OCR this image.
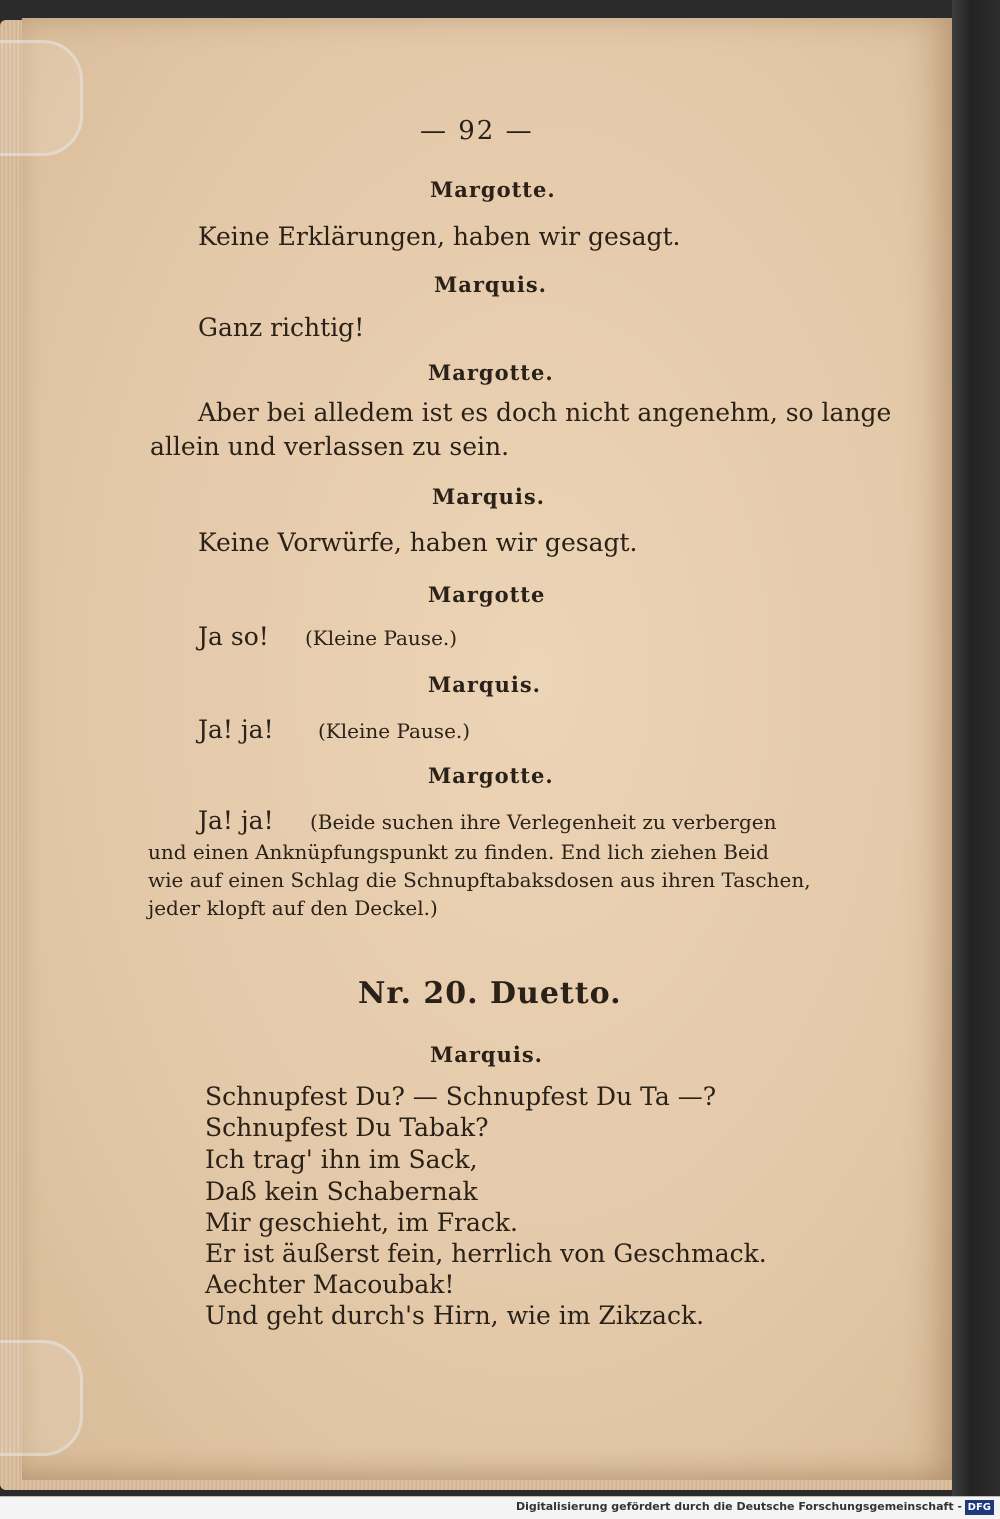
— 92 —
Margotte.
Keine Erklärungen, haben wir gesagt.
Marquis.
Ganz richtig!
Margotte.
Aber bei alledem ist es doch nicht angenehm, so lange
allein und verlassen zu sein.
Marquis.
Keine Vorwürfe, haben wir gesagt.
Margotte
Ja so! (Kleine Pause.)
Marquis.
Ja! ja! (Kleine Pause.)
Margotte.
Ja! ja! (Beide suchen ihre Verlegenheit zu verbergen
und einen Anknüpfungspunkt zu finden. End lich ziehen Beid
wie auf einen Schlag die Schnupftabaksdosen aus ihren Taschen,
jeder klopft auf den Deckel.)
Nr. 20. Duetto.
Marquis.
Schnupfest Du? — Schnupfest Du Ta —?
Schnupfest Du Tabak?
Ich trag' ihn im Sack,
Daß kein Schabernak
Mir geschieht, im Frack.
Er ist äußerst fein, herrlich von Geschmack.
Aechter Macoubak!
Und geht durch's Hirn, wie im Zikzack.
Digitalisierung gefördert durch die Deutsche Forschungsgemeinschaft - DFG
